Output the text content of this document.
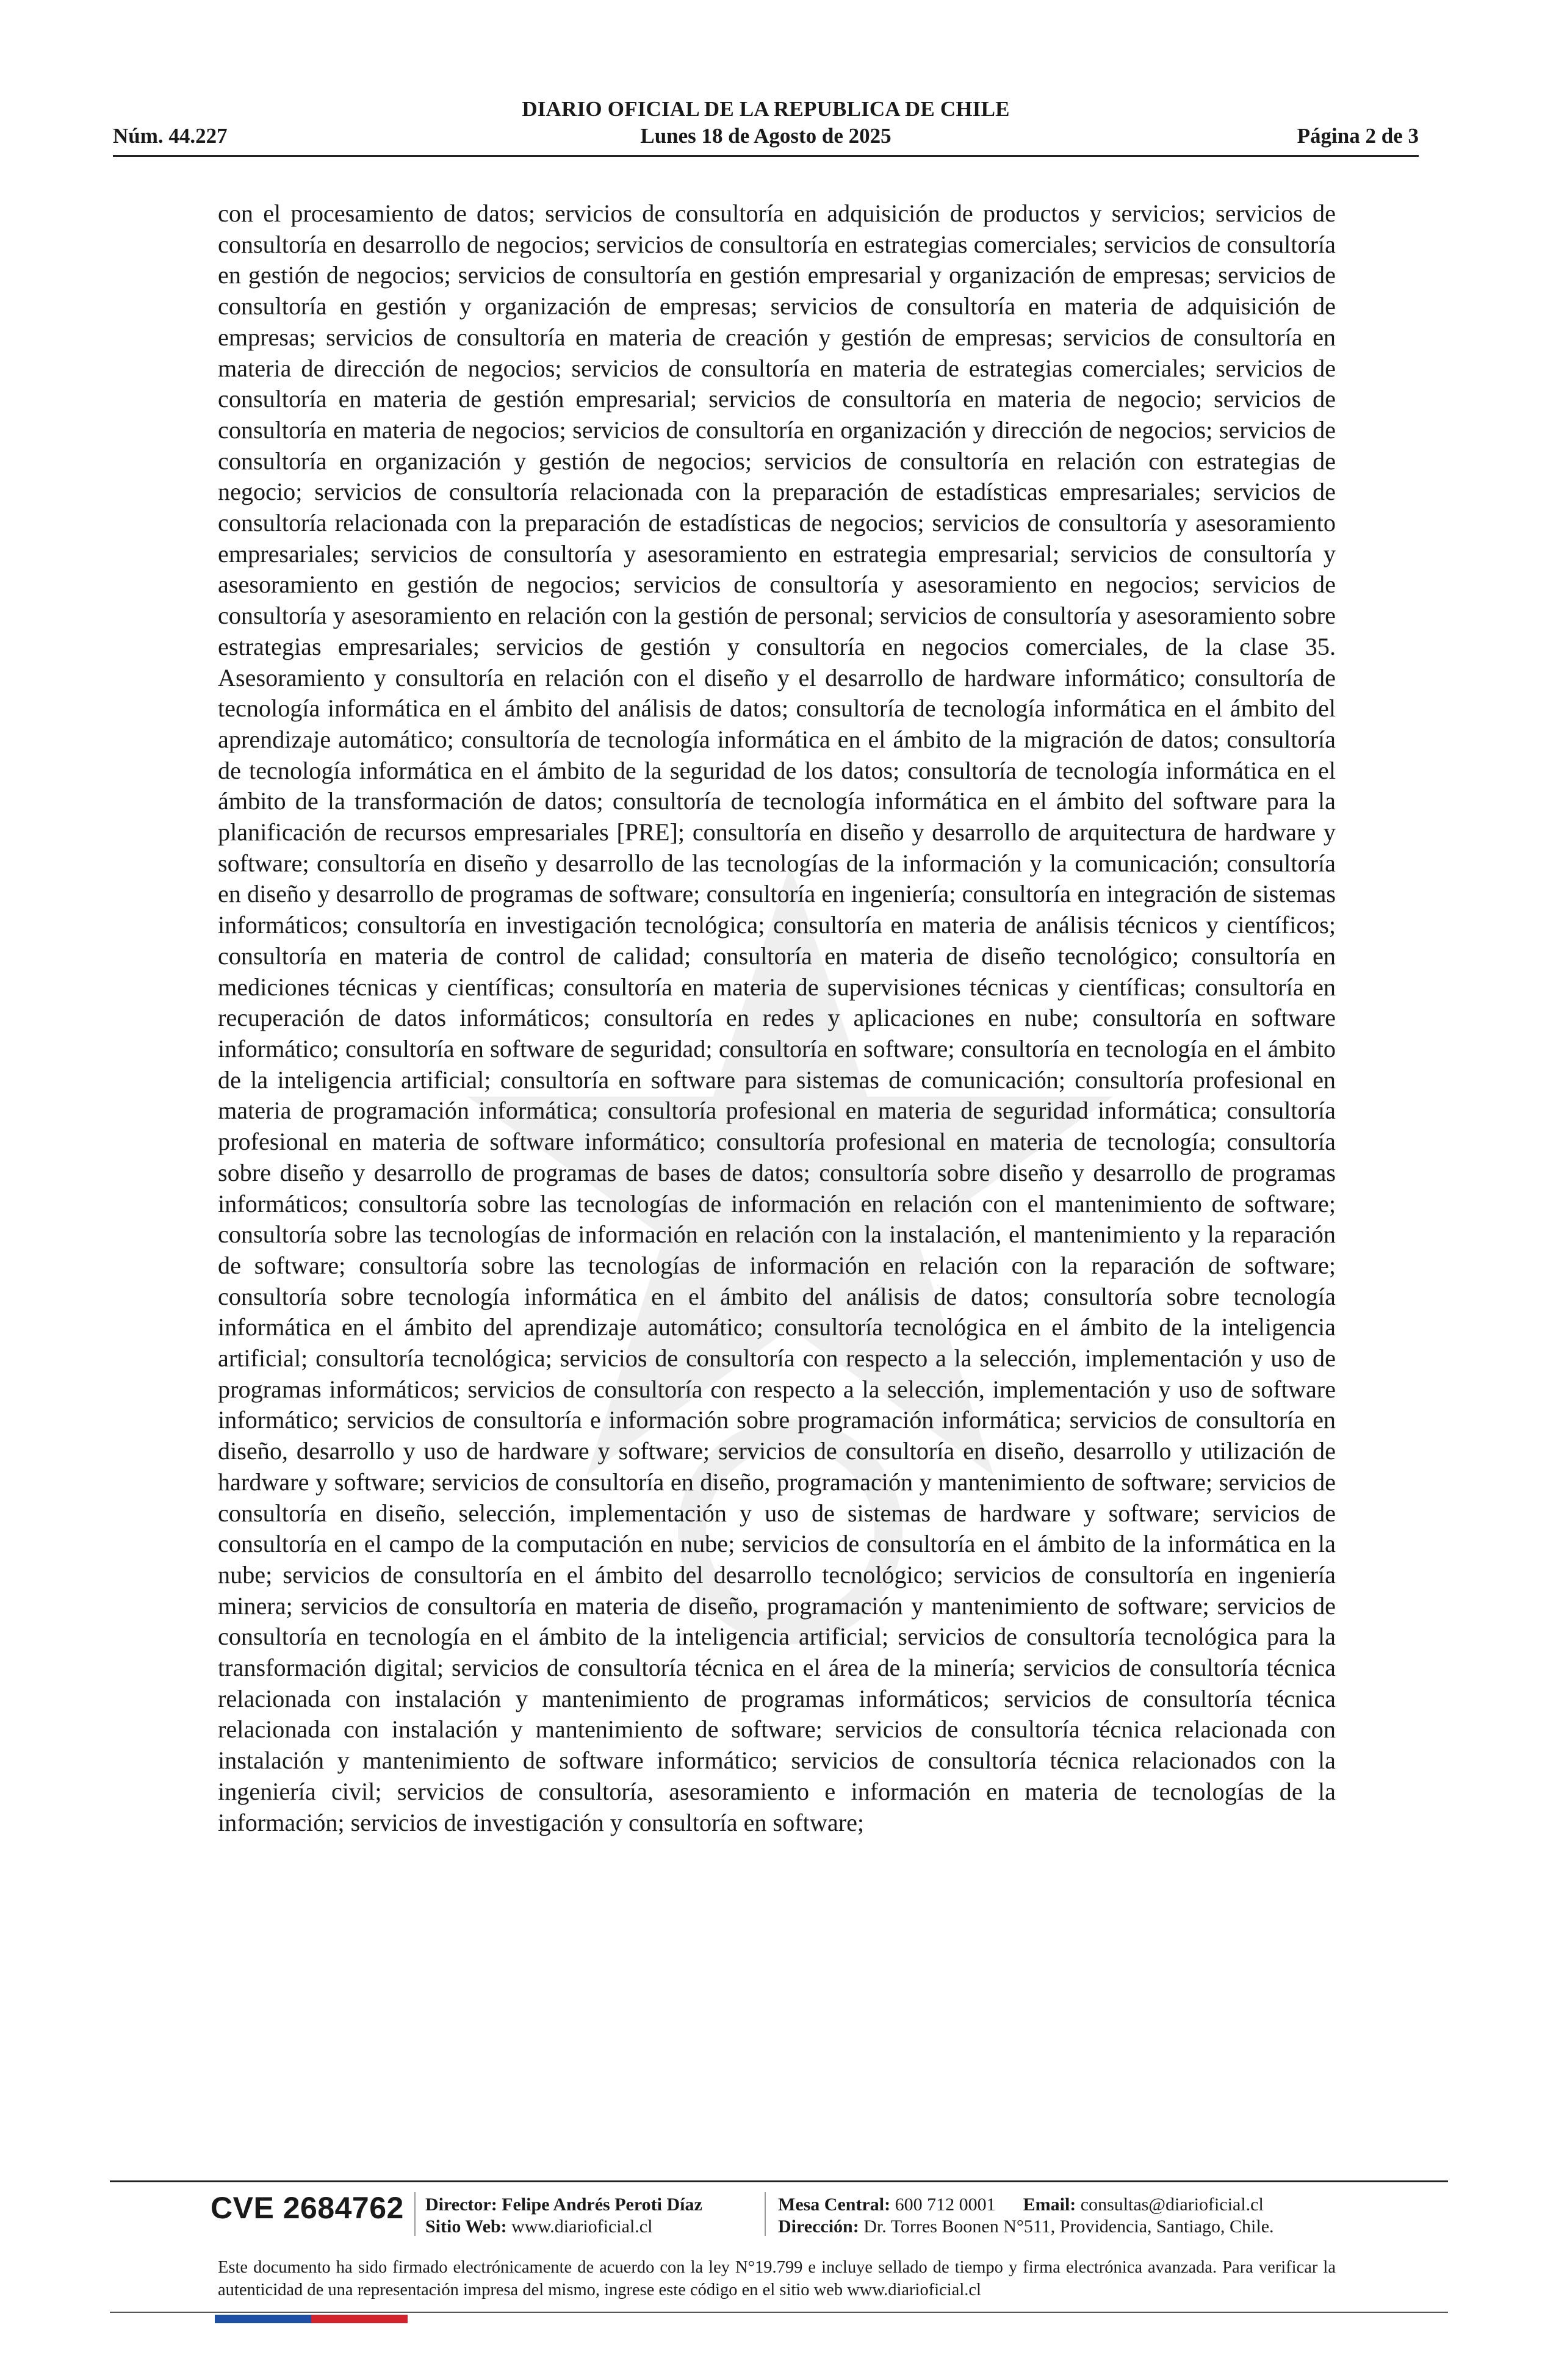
DIARIO OFICIAL DE LA REPUBLICA DE CHILE
Núm. 44.227	Lunes 18 de Agosto de 2025	Página 2 de 3
con el procesamiento de datos; servicios de consultoría en adquisición de productos y servicios; servicios de consultoría en desarrollo de negocios; servicios de consultoría en estrategias comerciales; servicios de consultoría en gestión de negocios; servicios de consultoría en gestión empresarial y organización de empresas; servicios de consultoría en gestión y organización de empresas; servicios de consultoría en materia de adquisición de empresas; servicios de consultoría en materia de creación y gestión de empresas; servicios de consultoría en materia de dirección de negocios; servicios de consultoría en materia de estrategias comerciales; servicios de consultoría en materia de gestión empresarial; servicios de consultoría en materia de negocio; servicios de consultoría en materia de negocios; servicios de consultoría en organización y dirección de negocios; servicios de consultoría en organización y gestión de negocios; servicios de consultoría en relación con estrategias de negocio; servicios de consultoría relacionada con la preparación de estadísticas empresariales; servicios de consultoría relacionada con la preparación de estadísticas de negocios; servicios de consultoría y asesoramiento empresariales; servicios de consultoría y asesoramiento en estrategia empresarial; servicios de consultoría y asesoramiento en gestión de negocios; servicios de consultoría y asesoramiento en negocios; servicios de consultoría y asesoramiento en relación con la gestión de personal; servicios de consultoría y asesoramiento sobre estrategias empresariales; servicios de gestión y consultoría en negocios comerciales, de la clase 35. Asesoramiento y consultoría en relación con el diseño y el desarrollo de hardware informático; consultoría de tecnología informática en el ámbito del análisis de datos; consultoría de tecnología informática en el ámbito del aprendizaje automático; consultoría de tecnología informática en el ámbito de la migración de datos; consultoría de tecnología informática en el ámbito de la seguridad de los datos; consultoría de tecnología informática en el ámbito de la transformación de datos; consultoría de tecnología informática en el ámbito del software para la planificación de recursos empresariales [PRE]; consultoría en diseño y desarrollo de arquitectura de hardware y software; consultoría en diseño y desarrollo de las tecnologías de la información y la comunicación; consultoría en diseño y desarrollo de programas de software; consultoría en ingeniería; consultoría en integración de sistemas informáticos; consultoría en investigación tecnológica; consultoría en materia de análisis técnicos y científicos; consultoría en materia de control de calidad; consultoría en materia de diseño tecnológico; consultoría en mediciones técnicas y científicas; consultoría en materia de supervisiones técnicas y científicas; consultoría en recuperación de datos informáticos; consultoría en redes y aplicaciones en nube; consultoría en software informático; consultoría en software de seguridad; consultoría en software; consultoría en tecnología en el ámbito de la inteligencia artificial; consultoría en software para sistemas de comunicación; consultoría profesional en materia de programación informática; consultoría profesional en materia de seguridad informática; consultoría profesional en materia de software informático; consultoría profesional en materia de tecnología; consultoría sobre diseño y desarrollo de programas de bases de datos; consultoría sobre diseño y desarrollo de programas informáticos; consultoría sobre las tecnologías de información en relación con el mantenimiento de software; consultoría sobre las tecnologías de información en relación con la instalación, el mantenimiento y la reparación de software; consultoría sobre las tecnologías de información en relación con la reparación de software; consultoría sobre tecnología informática en el ámbito del análisis de datos; consultoría sobre tecnología informática en el ámbito del aprendizaje automático; consultoría tecnológica en el ámbito de la inteligencia artificial; consultoría tecnológica; servicios de consultoría con respecto a la selección, implementación y uso de programas informáticos; servicios de consultoría con respecto a la selección, implementación y uso de software informático; servicios de consultoría e información sobre programación informática; servicios de consultoría en diseño, desarrollo y uso de hardware y software; servicios de consultoría en diseño, desarrollo y utilización de hardware y software; servicios de consultoría en diseño, programación y mantenimiento de software; servicios de consultoría en diseño, selección, implementación y uso de sistemas de hardware y software; servicios de consultoría en el campo de la computación en nube; servicios de consultoría en el ámbito de la informática en la nube; servicios de consultoría en el ámbito del desarrollo tecnológico; servicios de consultoría en ingeniería minera; servicios de consultoría en materia de diseño, programación y mantenimiento de software; servicios de consultoría en tecnología en el ámbito de la inteligencia artificial; servicios de consultoría tecnológica para la transformación digital; servicios de consultoría técnica en el área de la minería; servicios de consultoría técnica relacionada con instalación y mantenimiento de programas informáticos; servicios de consultoría técnica relacionada con instalación y mantenimiento de software; servicios de consultoría técnica relacionada con instalación y mantenimiento de software informático; servicios de consultoría técnica relacionados con la ingeniería civil; servicios de consultoría, asesoramiento e información en materia de tecnologías de la información; servicios de investigación y consultoría en software;
CVE 2684762 Director: Felipe Andrés Peroti Díaz
Sitio Web: www.diarioficial.cl
Mesa Central: 600 712 0001 Email: consultas@diarioficial.cl
Dirección: Dr. Torres Boonen N°511, Providencia, Santiago, Chile.
Este documento ha sido firmado electrónicamente de acuerdo con la ley N°19.799 e incluye sellado de tiempo y firma electrónica avanzada. Para verificar la autenticidad de una representación impresa del mismo, ingrese este código en el sitio web www.diarioficial.cl
